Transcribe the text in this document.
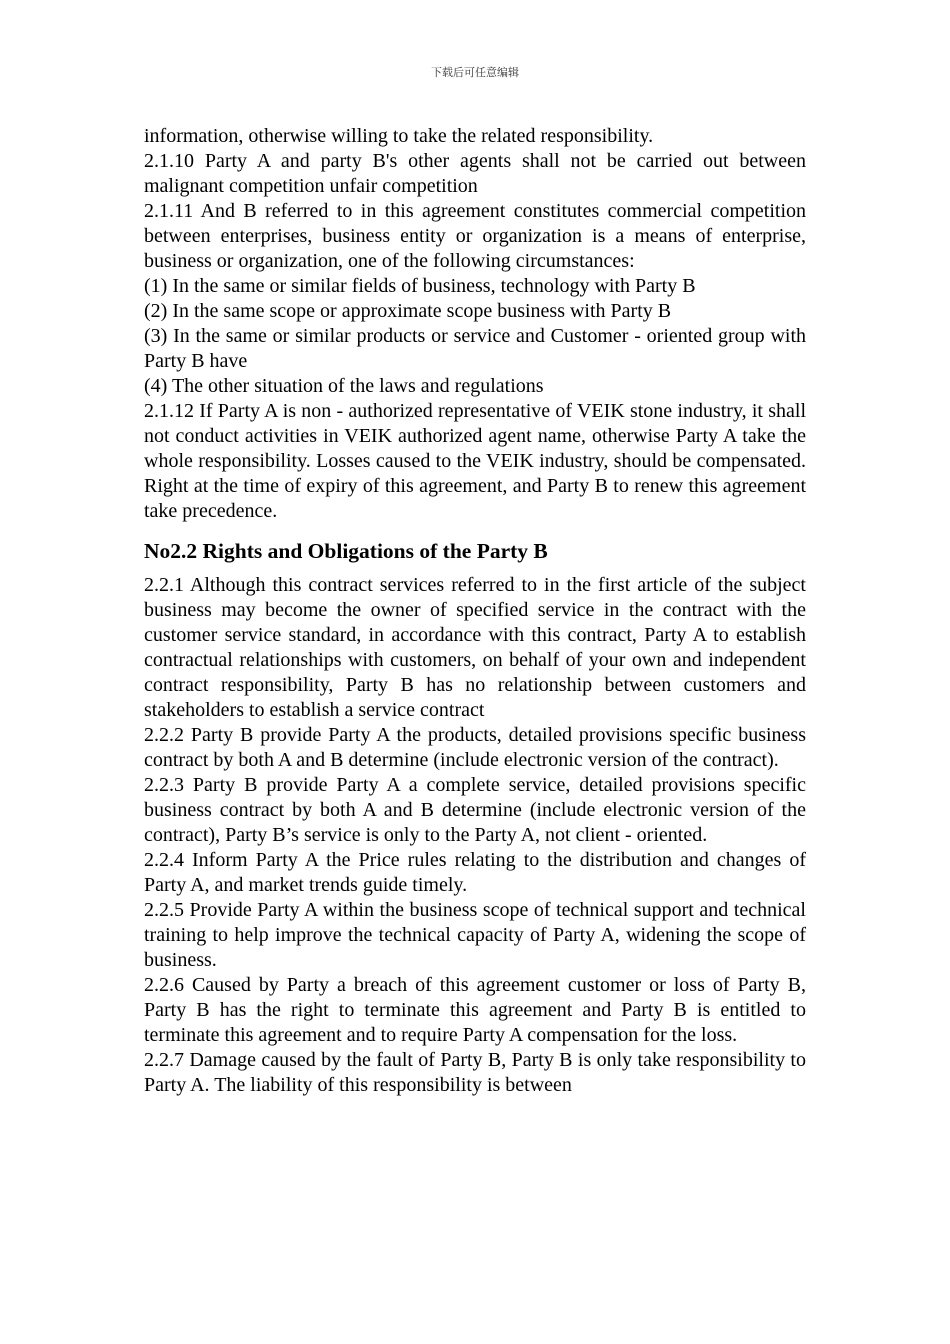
下载后可任意编辑

information, otherwise willing to take the related responsibility.

2.1.10 Party A and party B's other agents shall not be carried out between malignant competition unfair competition

2.1.11 And B referred to in this agreement constitutes commercial competition between enterprises, business entity or organization is a means of enterprise, business or organization, one of the following circumstances:

(1) In the same or similar fields of business, technology with Party B

(2) In the same scope or approximate scope business with Party B

(3) In the same or similar products or service and Customer - oriented group with Party B have

(4) The other situation of the laws and regulations

2.1.12 If Party A is non - authorized representative of VEIK stone industry, it shall not conduct activities in VEIK authorized agent name, otherwise Party A take the whole responsibility. Losses caused to the VEIK industry, should be compensated. Right at the time of expiry of this agreement, and Party B to renew this agreement take precedence.

No2.2 Rights and Obligations of the Party B

2.2.1 Although this contract services referred to in the first article of the subject business may become the owner of specified service in the contract with the customer service standard, in accordance with this contract, Party A to establish contractual relationships with customers, on behalf of your own and independent contract responsibility, Party B has no relationship between customers and stakeholders to establish a service contract

2.2.2 Party B provide Party A the products, detailed provisions specific business contract by both A and B determine (include electronic version of the contract).

2.2.3 Party B provide Party A a complete service, detailed provisions specific business contract by both A and B determine (include electronic version of the contract), Party B’s service is only to the Party A, not client - oriented.

2.2.4 Inform Party A the Price rules relating to the distribution and changes of Party A, and market trends guide timely.

2.2.5 Provide Party A within the business scope of technical support and technical training to help improve the technical capacity of Party A, widening the scope of business.

2.2.6 Caused by Party a breach of this agreement customer or loss of Party B, Party B has the right to terminate this agreement and Party B is entitled to terminate this agreement and to require Party A compensation for the loss.

2.2.7 Damage caused by the fault of Party B, Party B is only take responsibility to Party A. The liability of this responsibility is between
